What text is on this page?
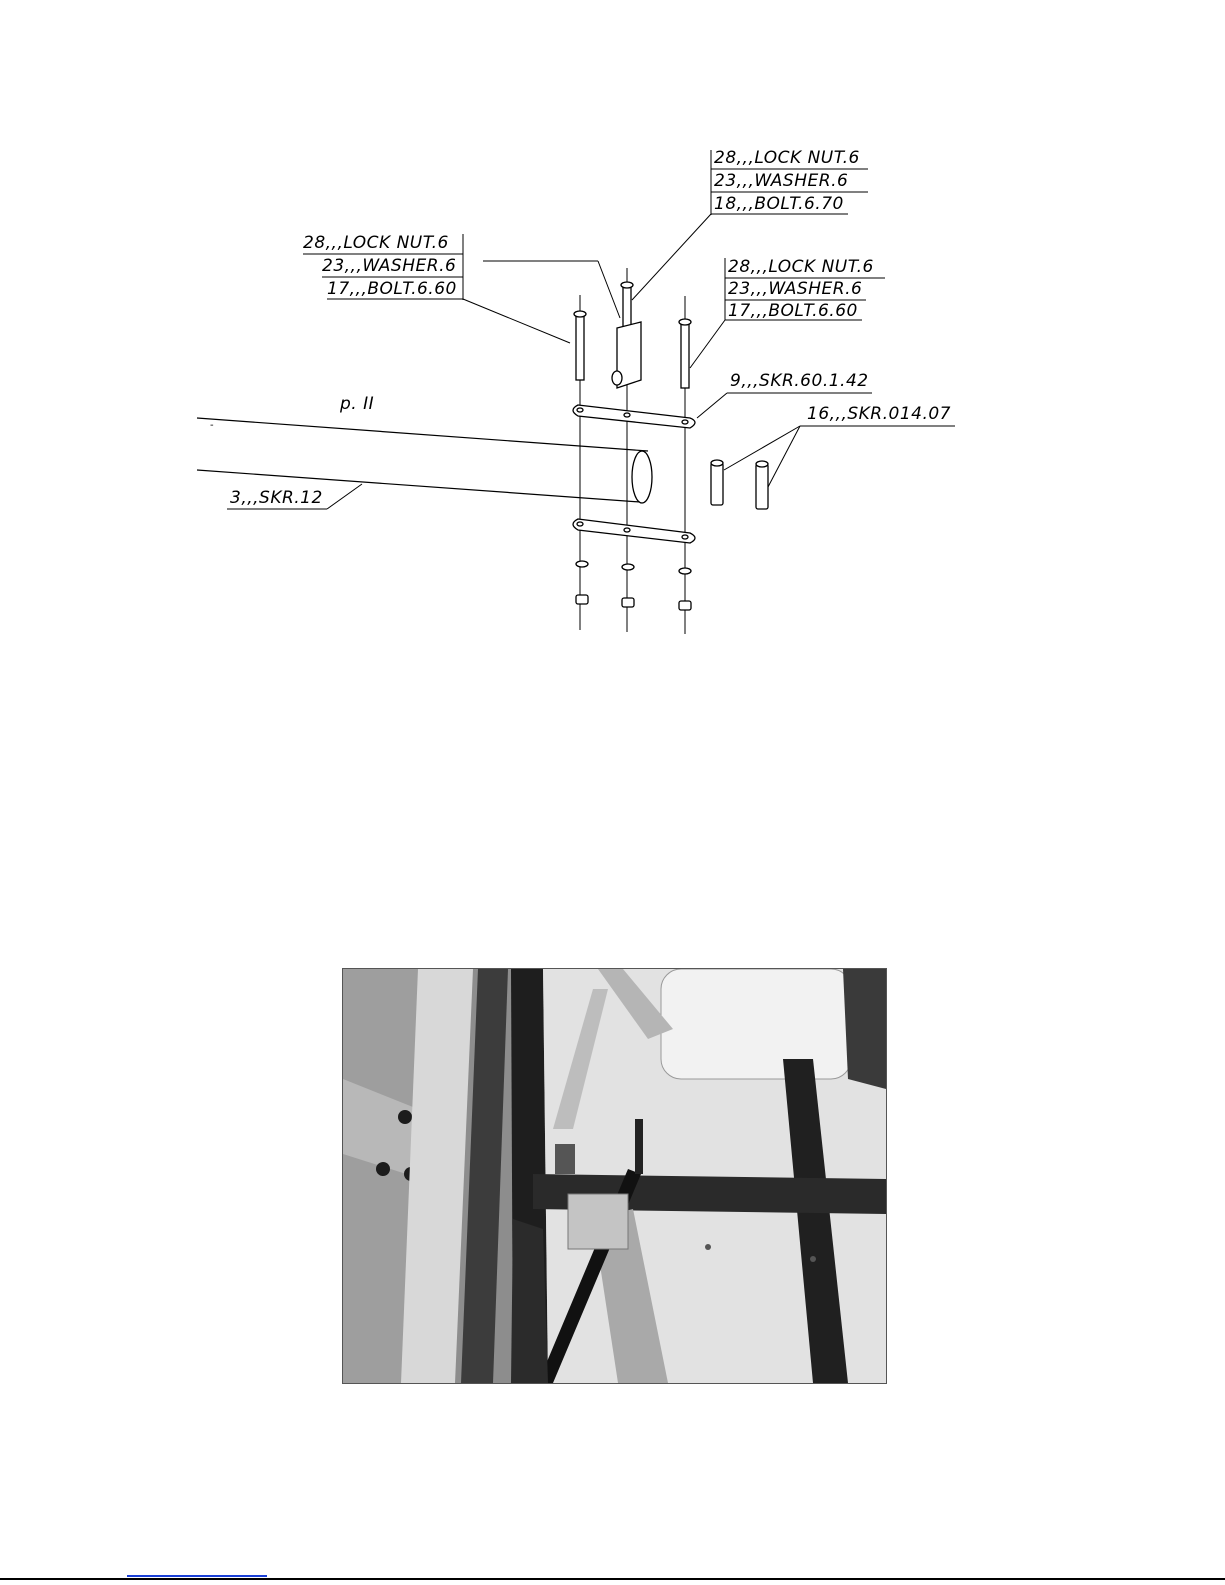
28,,,LOCK NUT.6
23,,,WASHER.6
18,,,BOLT.6.70
28,,,LOCK NUT.6
23,,,WASHER.6
17,,,BOLT.6.60
28,,,LOCK NUT.6
23,,,WASHER.6
17,,,BOLT.6.60
9,,,SKR.60.1.42
16,,,SKR.014.07
p. II
-
3,,,SKR.12
